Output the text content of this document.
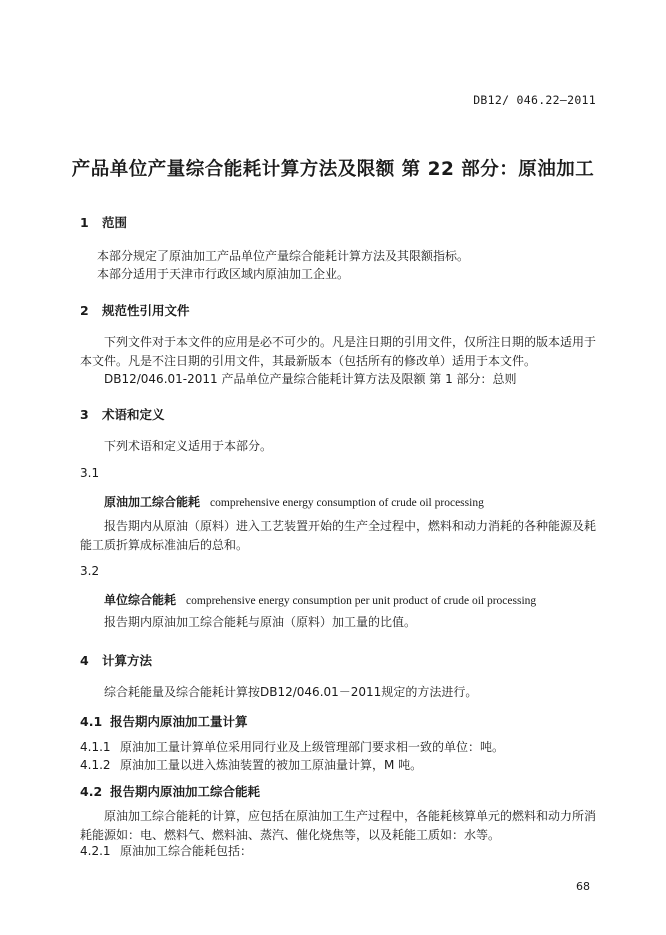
DB12/ 046.22—2011
产品单位产量综合能耗计算方法及限额 第 22 部分：原油加工
1 范围
本部分规定了原油加工产品单位产量综合能耗计算方法及其限额指标。
本部分适用于天津市行政区域内原油加工企业。
2 规范性引用文件
下列文件对于本文件的应用是必不可少的。凡是注日期的引用文件，仅所注日期的版本适用于本文件。凡是不注日期的引用文件，其最新版本（包括所有的修改单）适用于本文件。
DB12/046.01-2011 产品单位产量综合能耗计算方法及限额 第 1 部分：总则
3 术语和定义
下列术语和定义适用于本部分。
3.1
原油加工综合能耗 comprehensive energy consumption of crude oil processing
报告期内从原油（原料）进入工艺装置开始的生产全过程中，燃料和动力消耗的各种能源及耗能工质折算成标准油后的总和。
3.2
单位综合能耗 comprehensive energy consumption per unit product of crude oil processing
报告期内原油加工综合能耗与原油（原料）加工量的比值。
4 计算方法
综合耗能量及综合能耗计算按DB12/046.01－2011规定的方法进行。
4.1 报告期内原油加工量计算
4.1.1 原油加工量计算单位采用同行业及上级管理部门要求相一致的单位：吨。
4.1.2 原油加工量以进入炼油装置的被加工原油量计算，M 吨。
4.2 报告期内原油加工综合能耗
原油加工综合能耗的计算，应包括在原油加工生产过程中，各能耗核算单元的燃料和动力所消耗能源如：电、燃料气、燃料油、蒸汽、催化烧焦等，以及耗能工质如：水等。
4.2.1 原油加工综合能耗包括：
68
